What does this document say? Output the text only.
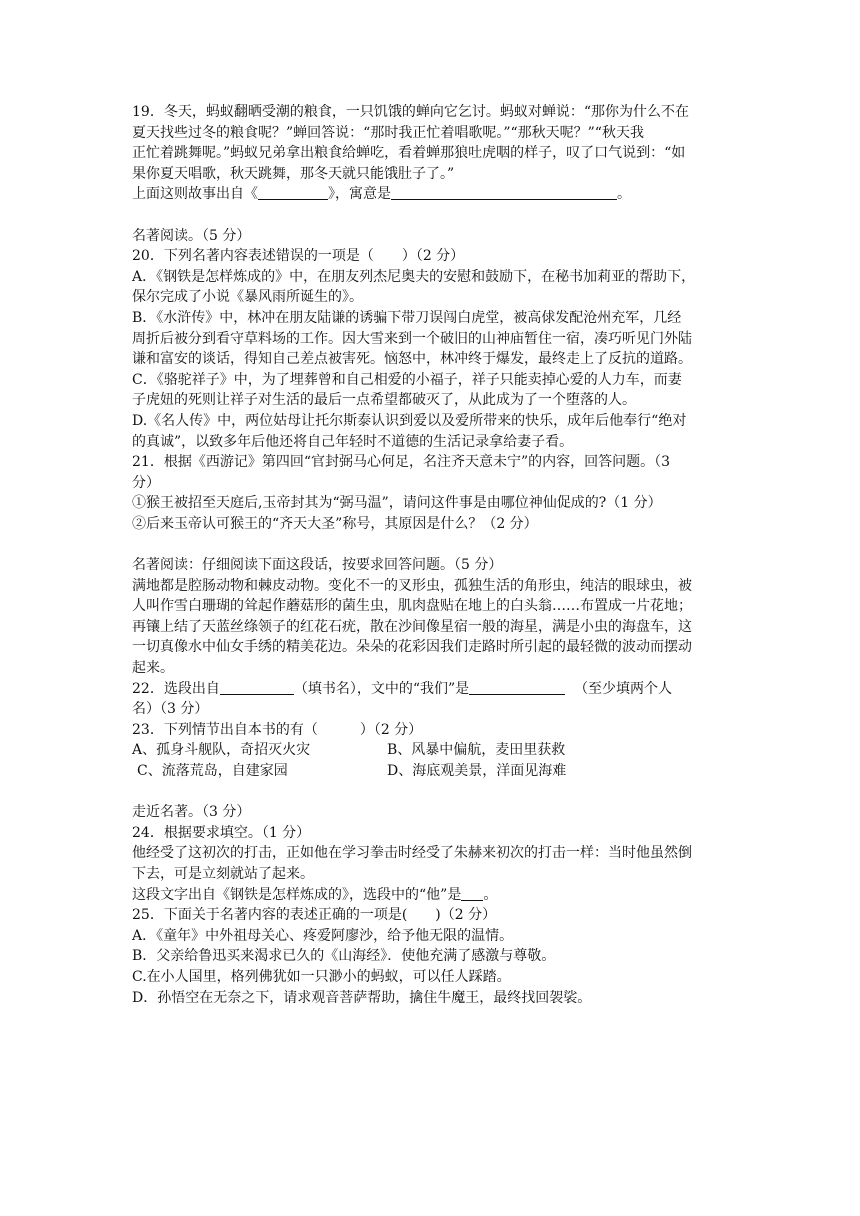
19．冬天，蚂蚁翻晒受潮的粮食，一只饥饿的蝉向它乞讨。蚂蚁对蝉说：“那你为什么不在
夏天找些过冬的粮食呢？”蝉回答说：“那时我正忙着唱歌呢。”“那秋天呢？”“秋天我
正忙着跳舞呢。”蚂蚁兄弟拿出粮食给蝉吃，看着蝉那狼吐虎咽的样子，叹了口气说到：“如
果你夏天唱歌，秋天跳舞，那冬天就只能饿肚子了。”
上面这则故事出自《	》，寓意是	。
名著阅读。（5 分）
20．下列名著内容表述错误的一项是（　　）（2 分）
A．《钢铁是怎样炼成的》中，在朋友列杰尼奥夫的安慰和鼓励下，在秘书加莉亚的帮助下，
保尔完成了小说《暴风雨所诞生的》。
B．《水浒传》中，林冲在朋友陆谦的诱骗下带刀误闯白虎堂，被高俅发配沧州充军，几经
周折后被分到看守草料场的工作。因大雪来到一个破旧的山神庙暂住一宿，凑巧听见门外陆
谦和富安的谈话，得知自己差点被害死。恼怒中，林冲终于爆发，最终走上了反抗的道路。
C．《骆驼祥子》中，为了埋葬曾和自己相爱的小福子，祥子只能卖掉心爱的人力车，而妻
子虎妞的死则让祥子对生活的最后一点希望都破灭了，从此成为了一个堕落的人。
D.《名人传》中，两位姑母让托尔斯泰认识到爱以及爱所带来的快乐，成年后他奉行“绝对
的真诚”，以致多年后他还将自己年轻时不道德的生活记录拿给妻子看。
21．根据《西游记》第四回“官封弼马心何足，名注齐天意未宁”的内容，回答问题。（3
分）
①猴王被招至天庭后,玉帝封其为“弼马温”，请问这件事是由哪位神仙促成的?（1 分）
②后来玉帝认可猴王的“齐天大圣”称号，其原因是什么？（2 分）
名著阅读：仔细阅读下面这段话，按要求回答问题。（5 分）
满地都是腔肠动物和棘皮动物。变化不一的叉形虫，孤独生活的角形虫，纯洁的眼球虫，被
人叫作雪白珊瑚的耸起作蘑菇形的菌生虫，肌肉盘贴在地上的白头翁……布置成一片花地；
再镶上结了天蓝丝绦领子的红花石疣，散在沙间像星宿一般的海星，满是小虫的海盘车，这
一切真像水中仙女手绣的精美花边。朵朵的花彩因我们走路时所引起的最轻微的波动而摆动
起来。
22．选段出自	（填书名），文中的“我们”是	（至少填两个人
名）（3 分）
23．下列情节出自本书的有（　　　）（2 分）
A、孤身斗舰队，奇招灭火灾	B、风暴中偏航，麦田里获救
C、流落荒岛，自建家园	D、海底观美景，洋面见海难
走近名著。（3 分）
24．根据要求填空。（1 分）
他经受了这初次的打击，正如他在学习拳击时经受了朱赫来初次的打击一样：当时他虽然倒
下去，可是立刻就站了起来。
这段文字出自《钢铁是怎样炼成的》，选段中的“他”是 。
25．下面关于名著内容的表述正确的一项是(　　)（2 分）
A．《童年》中外祖母关心、疼爱阿廖沙，给予他无限的温情。
B．父亲给鲁迅买来渴求已久的《山海经》．使他充满了感激与尊敬。
C.在小人国里，格列佛犹如一只渺小的蚂蚁，可以任人踩踏。
D．孙悟空在无奈之下，请求观音菩萨帮助，擒住牛魔王，最终找回袈裟。
